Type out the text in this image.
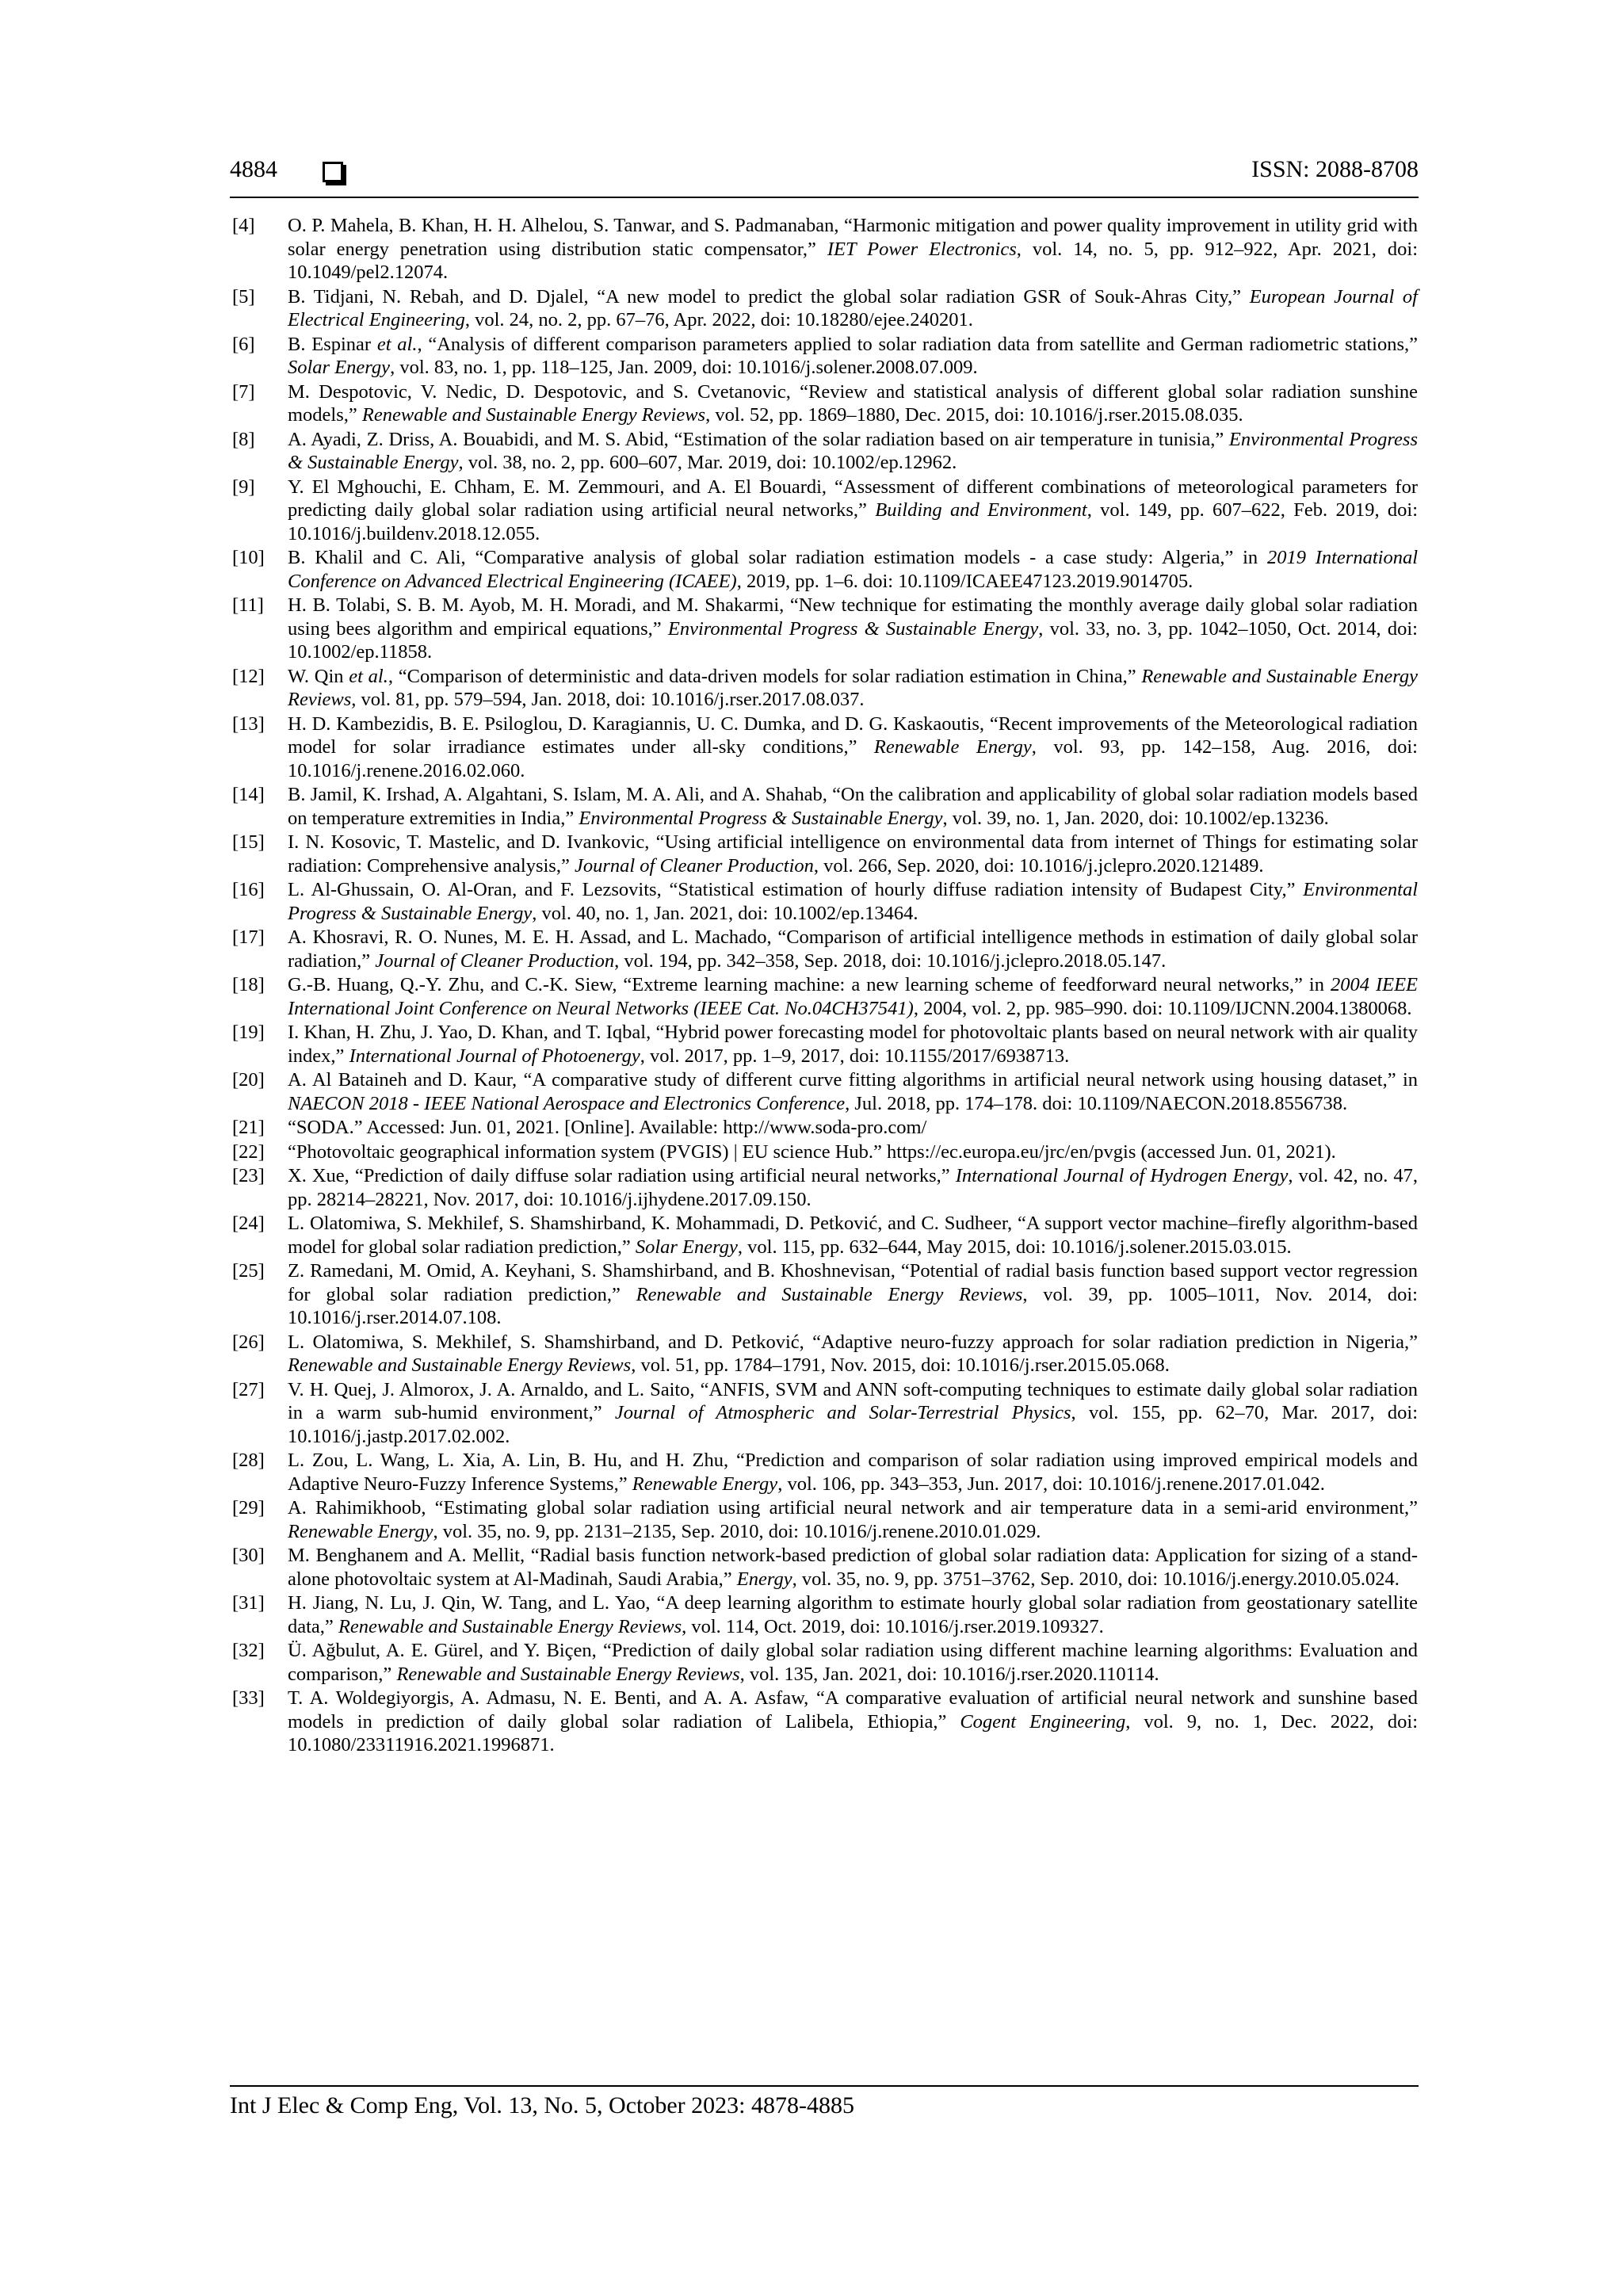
4884	ISSN: 2088-8708
[4]	O. P. Mahela, B. Khan, H. H. Alhelou, S. Tanwar, and S. Padmanaban, “Harmonic mitigation and power quality improvement in utility grid with solar energy penetration using distribution static compensator,” IET Power Electronics, vol. 14, no. 5, pp. 912–922, Apr. 2021, doi: 10.1049/pel2.12074.
[5]	B. Tidjani, N. Rebah, and D. Djalel, “A new model to predict the global solar radiation GSR of Souk-Ahras City,” European Journal of Electrical Engineering, vol. 24, no. 2, pp. 67–76, Apr. 2022, doi: 10.18280/ejee.240201.
[6]	B. Espinar et al., “Analysis of different comparison parameters applied to solar radiation data from satellite and German radiometric stations,” Solar Energy, vol. 83, no. 1, pp. 118–125, Jan. 2009, doi: 10.1016/j.solener.2008.07.009.
[7]	M. Despotovic, V. Nedic, D. Despotovic, and S. Cvetanovic, “Review and statistical analysis of different global solar radiation sunshine models,” Renewable and Sustainable Energy Reviews, vol. 52, pp. 1869–1880, Dec. 2015, doi: 10.1016/j.rser.2015.08.035.
[8]	A. Ayadi, Z. Driss, A. Bouabidi, and M. S. Abid, “Estimation of the solar radiation based on air temperature in tunisia,” Environmental Progress & Sustainable Energy, vol. 38, no. 2, pp. 600–607, Mar. 2019, doi: 10.1002/ep.12962.
[9]	Y. El Mghouchi, E. Chham, E. M. Zemmouri, and A. El Bouardi, “Assessment of different combinations of meteorological parameters for predicting daily global solar radiation using artificial neural networks,” Building and Environment, vol. 149, pp. 607–622, Feb. 2019, doi: 10.1016/j.buildenv.2018.12.055.
[10]	B. Khalil and C. Ali, “Comparative analysis of global solar radiation estimation models - a case study: Algeria,” in 2019 International Conference on Advanced Electrical Engineering (ICAEE), 2019, pp. 1–6. doi: 10.1109/ICAEE47123.2019.9014705.
[11]	H. B. Tolabi, S. B. M. Ayob, M. H. Moradi, and M. Shakarmi, “New technique for estimating the monthly average daily global solar radiation using bees algorithm and empirical equations,” Environmental Progress & Sustainable Energy, vol. 33, no. 3, pp. 1042–1050, Oct. 2014, doi: 10.1002/ep.11858.
[12]	W. Qin et al., “Comparison of deterministic and data-driven models for solar radiation estimation in China,” Renewable and Sustainable Energy Reviews, vol. 81, pp. 579–594, Jan. 2018, doi: 10.1016/j.rser.2017.08.037.
[13]	H. D. Kambezidis, B. E. Psiloglou, D. Karagiannis, U. C. Dumka, and D. G. Kaskaoutis, “Recent improvements of the Meteorological radiation model for solar irradiance estimates under all-sky conditions,” Renewable Energy, vol. 93, pp. 142–158, Aug. 2016, doi: 10.1016/j.renene.2016.02.060.
[14]	B. Jamil, K. Irshad, A. Algahtani, S. Islam, M. A. Ali, and A. Shahab, “On the calibration and applicability of global solar radiation models based on temperature extremities in India,” Environmental Progress & Sustainable Energy, vol. 39, no. 1, Jan. 2020, doi: 10.1002/ep.13236.
[15]	I. N. Kosovic, T. Mastelic, and D. Ivankovic, “Using artificial intelligence on environmental data from internet of Things for estimating solar radiation: Comprehensive analysis,” Journal of Cleaner Production, vol. 266, Sep. 2020, doi: 10.1016/j.jclepro.2020.121489.
[16]	L. Al-Ghussain, O. Al-Oran, and F. Lezsovits, “Statistical estimation of hourly diffuse radiation intensity of Budapest City,” Environmental Progress & Sustainable Energy, vol. 40, no. 1, Jan. 2021, doi: 10.1002/ep.13464.
[17]	A. Khosravi, R. O. Nunes, M. E. H. Assad, and L. Machado, “Comparison of artificial intelligence methods in estimation of daily global solar radiation,” Journal of Cleaner Production, vol. 194, pp. 342–358, Sep. 2018, doi: 10.1016/j.jclepro.2018.05.147.
[18]	G.-B. Huang, Q.-Y. Zhu, and C.-K. Siew, “Extreme learning machine: a new learning scheme of feedforward neural networks,” in 2004 IEEE International Joint Conference on Neural Networks (IEEE Cat. No.04CH37541), 2004, vol. 2, pp. 985–990. doi: 10.1109/IJCNN.2004.1380068.
[19]	I. Khan, H. Zhu, J. Yao, D. Khan, and T. Iqbal, “Hybrid power forecasting model for photovoltaic plants based on neural network with air quality index,” International Journal of Photoenergy, vol. 2017, pp. 1–9, 2017, doi: 10.1155/2017/6938713.
[20]	A. Al Bataineh and D. Kaur, “A comparative study of different curve fitting algorithms in artificial neural network using housing dataset,” in NAECON 2018 - IEEE National Aerospace and Electronics Conference, Jul. 2018, pp. 174–178. doi: 10.1109/NAECON.2018.8556738.
[21]	“SODA.” Accessed: Jun. 01, 2021. [Online]. Available: http://www.soda-pro.com/
[22]	“Photovoltaic geographical information system (PVGIS) | EU science Hub.” https://ec.europa.eu/jrc/en/pvgis (accessed Jun. 01, 2021).
[23]	X. Xue, “Prediction of daily diffuse solar radiation using artificial neural networks,” International Journal of Hydrogen Energy, vol. 42, no. 47, pp. 28214–28221, Nov. 2017, doi: 10.1016/j.ijhydene.2017.09.150.
[24]	L. Olatomiwa, S. Mekhilef, S. Shamshirband, K. Mohammadi, D. Petković, and C. Sudheer, “A support vector machine–firefly algorithm-based model for global solar radiation prediction,” Solar Energy, vol. 115, pp. 632–644, May 2015, doi: 10.1016/j.solener.2015.03.015.
[25]	Z. Ramedani, M. Omid, A. Keyhani, S. Shamshirband, and B. Khoshnevisan, “Potential of radial basis function based support vector regression for global solar radiation prediction,” Renewable and Sustainable Energy Reviews, vol. 39, pp. 1005–1011, Nov. 2014, doi: 10.1016/j.rser.2014.07.108.
[26]	L. Olatomiwa, S. Mekhilef, S. Shamshirband, and D. Petković, “Adaptive neuro-fuzzy approach for solar radiation prediction in Nigeria,” Renewable and Sustainable Energy Reviews, vol. 51, pp. 1784–1791, Nov. 2015, doi: 10.1016/j.rser.2015.05.068.
[27]	V. H. Quej, J. Almorox, J. A. Arnaldo, and L. Saito, “ANFIS, SVM and ANN soft-computing techniques to estimate daily global solar radiation in a warm sub-humid environment,” Journal of Atmospheric and Solar-Terrestrial Physics, vol. 155, pp. 62–70, Mar. 2017, doi: 10.1016/j.jastp.2017.02.002.
[28]	L. Zou, L. Wang, L. Xia, A. Lin, B. Hu, and H. Zhu, “Prediction and comparison of solar radiation using improved empirical models and Adaptive Neuro-Fuzzy Inference Systems,” Renewable Energy, vol. 106, pp. 343–353, Jun. 2017, doi: 10.1016/j.renene.2017.01.042.
[29]	A. Rahimikhoob, “Estimating global solar radiation using artificial neural network and air temperature data in a semi-arid environment,” Renewable Energy, vol. 35, no. 9, pp. 2131–2135, Sep. 2010, doi: 10.1016/j.renene.2010.01.029.
[30]	M. Benghanem and A. Mellit, “Radial basis function network-based prediction of global solar radiation data: Application for sizing of a stand-alone photovoltaic system at Al-Madinah, Saudi Arabia,” Energy, vol. 35, no. 9, pp. 3751–3762, Sep. 2010, doi: 10.1016/j.energy.2010.05.024.
[31]	H. Jiang, N. Lu, J. Qin, W. Tang, and L. Yao, “A deep learning algorithm to estimate hourly global solar radiation from geostationary satellite data,” Renewable and Sustainable Energy Reviews, vol. 114, Oct. 2019, doi: 10.1016/j.rser.2019.109327.
[32]	Ü. Ağbulut, A. E. Gürel, and Y. Biçen, “Prediction of daily global solar radiation using different machine learning algorithms: Evaluation and comparison,” Renewable and Sustainable Energy Reviews, vol. 135, Jan. 2021, doi: 10.1016/j.rser.2020.110114.
[33]	T. A. Woldegiyorgis, A. Admasu, N. E. Benti, and A. A. Asfaw, “A comparative evaluation of artificial neural network and sunshine based models in prediction of daily global solar radiation of Lalibela, Ethiopia,” Cogent Engineering, vol. 9, no. 1, Dec. 2022, doi: 10.1080/23311916.2021.1996871.
Int J Elec & Comp Eng, Vol. 13, No. 5, October 2023: 4878-4885
